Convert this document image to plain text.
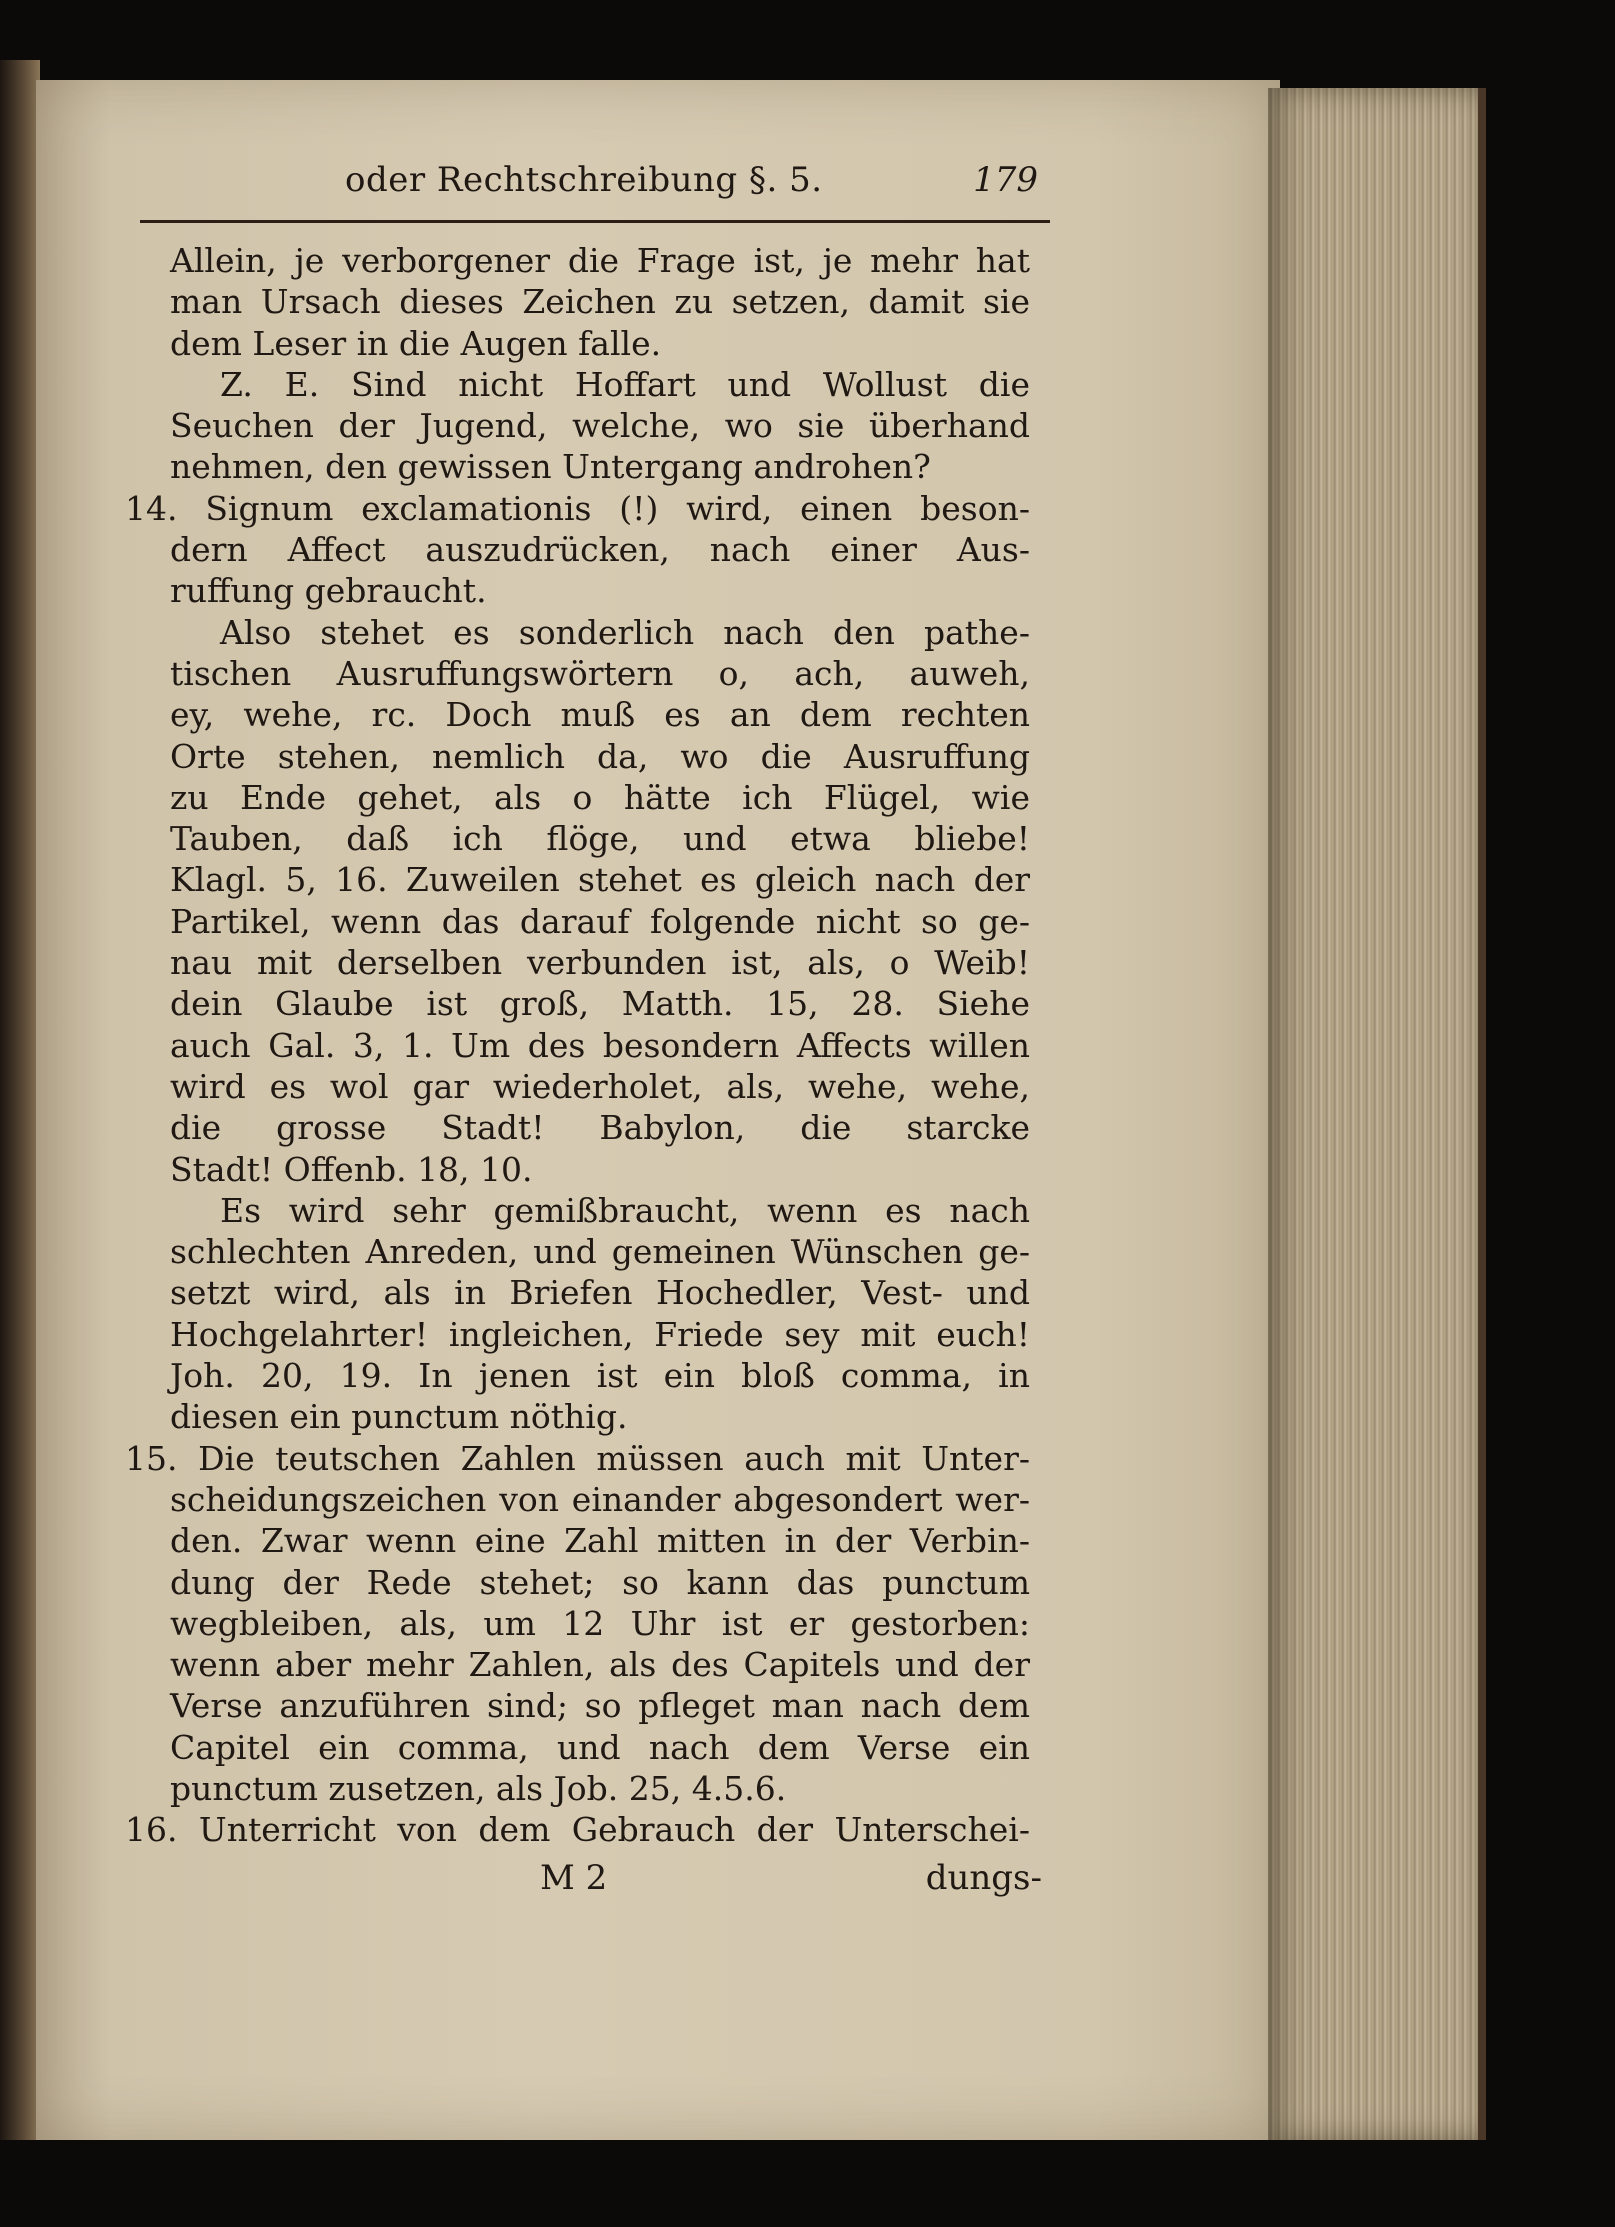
oder Rechtschreibung §. 5.	179
Allein, je verborgener die Frage ist, je mehr hat
man Ursach dieses Zeichen zu setzen, damit sie
dem Leser in die Augen falle.
Z. E. Sind nicht Hoffart und Wollust die
Seuchen der Jugend, welche, wo sie überhand
nehmen, den gewissen Untergang androhen?
14. Signum exclamationis (!) wird, einen beson-
dern Affect auszudrücken, nach einer Aus-
ruffung gebraucht.
Also stehet es sonderlich nach den pathe-
tischen Ausruffungswörtern o, ach, auweh,
ey, wehe, rc. Doch muß es an dem rechten
Orte stehen, nemlich da, wo die Ausruffung
zu Ende gehet, als o hätte ich Flügel, wie
Tauben, daß ich flöge, und etwa bliebe!
Klagl. 5, 16. Zuweilen stehet es gleich nach der
Partikel, wenn das darauf folgende nicht so ge-
nau mit derselben verbunden ist, als, o Weib!
dein Glaube ist groß, Matth. 15, 28. Siehe
auch Gal. 3, 1. Um des besondern Affects willen
wird es wol gar wiederholet, als, wehe, wehe,
die grosse Stadt! Babylon, die starcke
Stadt! Offenb. 18, 10.
Es wird sehr gemißbraucht, wenn es nach
schlechten Anreden, und gemeinen Wünschen ge-
setzt wird, als in Briefen Hochedler, Vest- und
Hochgelahrter! ingleichen, Friede sey mit euch!
Joh. 20, 19. In jenen ist ein bloß comma, in
diesen ein punctum nöthig.
15. Die teutschen Zahlen müssen auch mit Unter-
scheidungszeichen von einander abgesondert wer-
den. Zwar wenn eine Zahl mitten in der Verbin-
dung der Rede stehet; so kann das punctum
wegbleiben, als, um 12 Uhr ist er gestorben:
wenn aber mehr Zahlen, als des Capitels und der
Verse anzuführen sind; so pfleget man nach dem
Capitel ein comma, und nach dem Verse ein
punctum zusetzen, als Job. 25, 4.5.6.
16. Unterricht von dem Gebrauch der Unterschei-
M 2	dungs-
